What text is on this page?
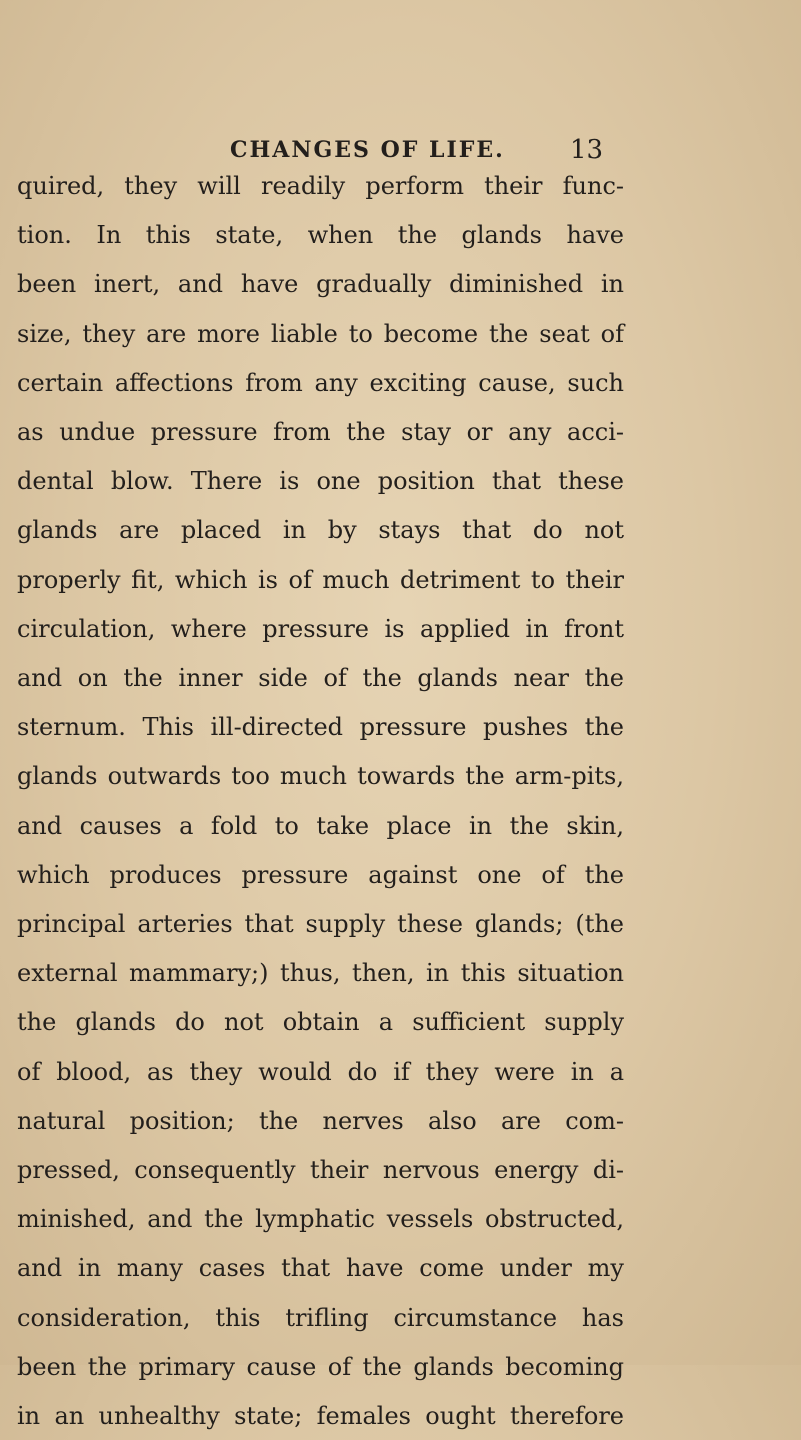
CHANGES OF LIFE.	13
quired, they will readily perform their func-
tion. In this state, when the glands have
been inert, and have gradually diminished in
size, they are more liable to become the seat of
certain affections from any exciting cause, such
as undue pressure from the stay or any acci-
dental blow. There is one position that these
glands are placed in by stays that do not
properly fit, which is of much detriment to their
circulation, where pressure is applied in front
and on the inner side of the glands near the
sternum. This ill-directed pressure pushes the
glands outwards too much towards the arm-pits,
and causes a fold to take place in the skin,
which produces pressure against one of the
principal arteries that supply these glands; (the
external mammary;) thus, then, in this situation
the glands do not obtain a sufficient supply
of blood, as they would do if they were in a
natural position; the nerves also are com-
pressed, consequently their nervous energy di-
minished, and the lymphatic vessels obstructed,
and in many cases that have come under my
consideration, this trifling circumstance has
been the primary cause of the glands becoming
in an unhealthy state; females ought therefore
